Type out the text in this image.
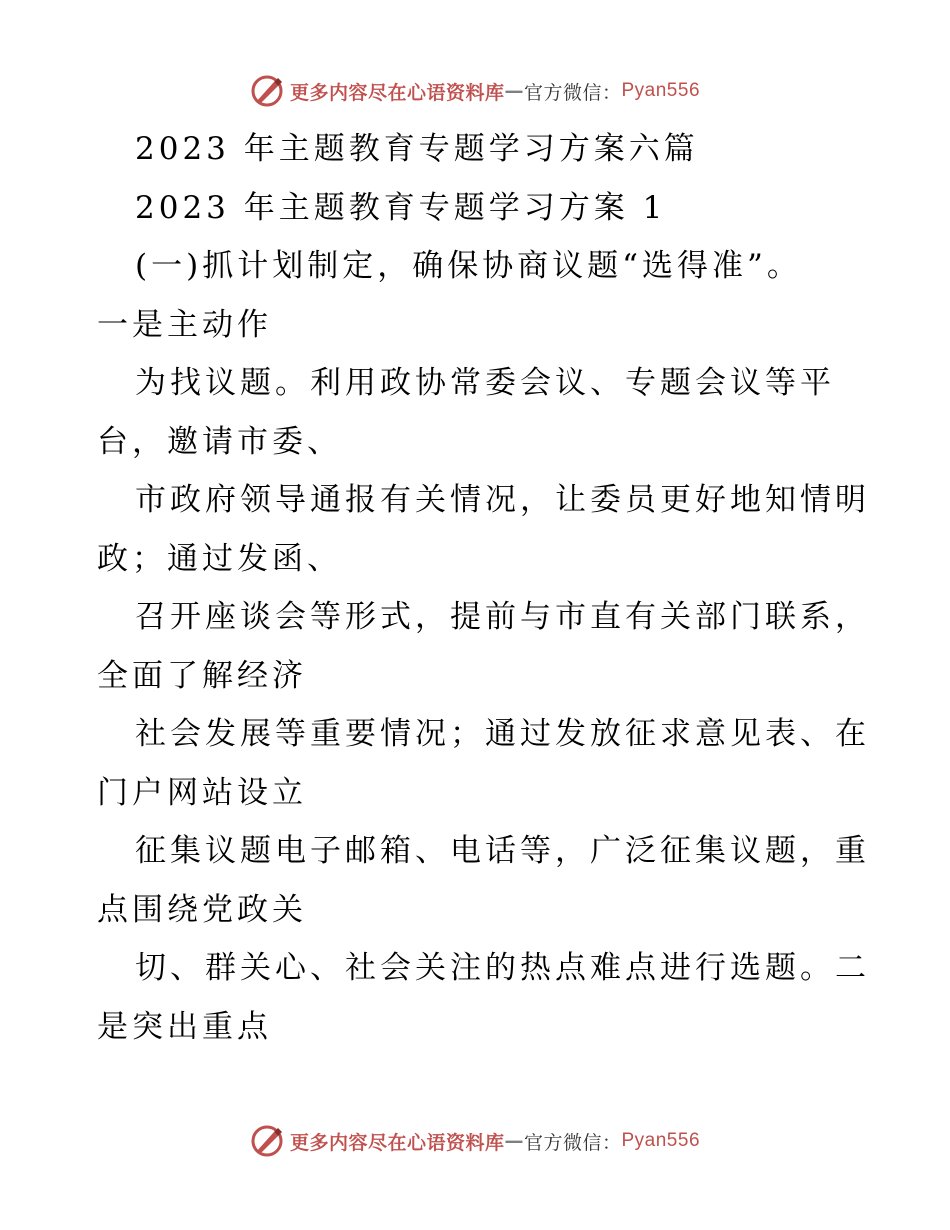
更多内容尽在心语资料库 — 官方微信： Pyan556
2023 年主题教育专题学习方案六篇
2023 年主题教育专题学习方案 1
(一)抓计划制定，确保协商议题“选得准”。
一是主动作
为找议题。利用政协常委会议、专题会议等平
台，邀请市委、
市政府领导通报有关情况，让委员更好地知情明
政；通过发函、
召开座谈会等形式，提前与市直有关部门联系，
全面了解经济
社会发展等重要情况；通过发放征求意见表、在
门户网站设立
征集议题电子邮箱、电话等，广泛征集议题，重
点围绕党政关
切、群关心、社会关注的热点难点进行选题。二
是突出重点
更多内容尽在心语资料库 — 官方微信： Pyan556
